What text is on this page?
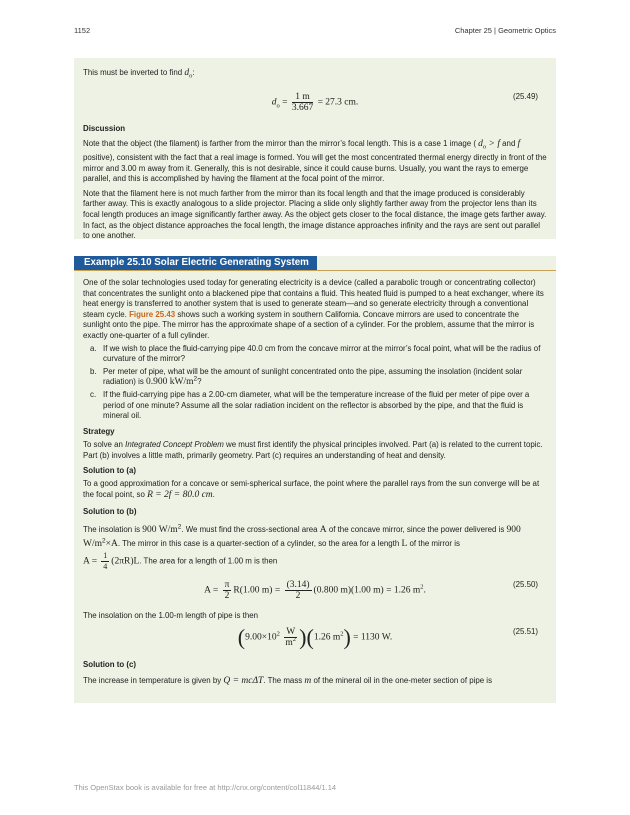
1152	Chapter 25 | Geometric Optics

This must be inverted to find $d_o$:

$d_o = \frac{1 m}{3.667} = 27.3$ cm.
(25.49)

Discussion

Note that the object (the filament) is farther from the mirror than the mirror’s focal length. This is a case 1 image ( $d_o > f$ and f positive), consistent with the fact that a real image is formed. You will get the most concentrated thermal energy directly in front of the mirror and 3.00 m away from it. Generally, this is not desirable, since it could cause burns. Usually, you want the rays to emerge parallel, and this is accomplished by having the filament at the focal point of the mirror.

Note that the filament here is not much farther from the mirror than its focal length and that the image produced is considerably farther away. This is exactly analogous to a slide projector. Placing a slide only slightly farther away from the projector lens than its focal length produces an image significantly farther away. As the object gets closer to the focal distance, the image gets farther away. In fact, as the object distance approaches the focal length, the image distance approaches infinity and the rays are sent out parallel to one another.

Example 25.10 Solar Electric Generating System

One of the solar technologies used today for generating electricity is a device (called a parabolic trough or concentrating collector) that concentrates the sunlight onto a blackened pipe that contains a fluid. This heated fluid is pumped to a heat exchanger, where its heat energy is transferred to another system that is used to generate steam—and so generate electricity through a conventional steam cycle. Figure 25.43 shows such a working system in southern California. Concave mirrors are used to concentrate the sunlight onto the pipe. The mirror has the approximate shape of a section of a cylinder. For the problem, assume that the mirror is exactly one-quarter of a full cylinder.

a. If we wish to place the fluid-carrying pipe 40.0 cm from the concave mirror at the mirror’s focal point, what will be the radius of curvature of the mirror?
b. Per meter of pipe, what will be the amount of sunlight concentrated onto the pipe, assuming the insolation (incident solar radiation) is 0.900 $kW/m^2$?
c. If the fluid-carrying pipe has a 2.00-cm diameter, what will be the temperature increase of the fluid per meter of pipe over a period of one minute? Assume all the solar radiation incident on the reflector is absorbed by the pipe, and that the fluid is mineral oil.

Strategy

To solve an Integrated Concept Problem we must first identify the physical principles involved. Part (a) is related to the current topic. Part (b) involves a little math, primarily geometry. Part (c) requires an understanding of heat and density.

Solution to (a)

To a good approximation for a concave or semi-spherical surface, the point where the parallel rays from the sun converge will be at the focal point, so R = 2f = 80.0 cm.

Solution to (b)

The insolation is 900 $W/m^2$. We must find the cross-sectional area A of the concave mirror, since the power delivered is 900 $W/m^2\times A$. The mirror in this case is a quarter-section of a cylinder, so the area for a length L of the mirror is
$A = \frac{1}{4} (2\pi R)L$. The area for a length of 1.00 m is then

$A = \frac{\pi}{2} R(1.00$ $m) = \frac{(3.14)}{2} (0.800$ m)(1.00 m) = 1.26 $m^2$.
(25.50)

The insolation on the 1.00-m length of pipe is then

$(9.00\times 10^2 \frac{W}{m^2} )(1.26$ $m^2) = 1130$ W.
(25.51)

Solution to (c)

The increase in temperature is given by Q = mcΔT. The mass m of the mineral oil in the one-meter section of pipe is

This OpenStax book is available for free at http://cnx.org/content/col11844/1.14
